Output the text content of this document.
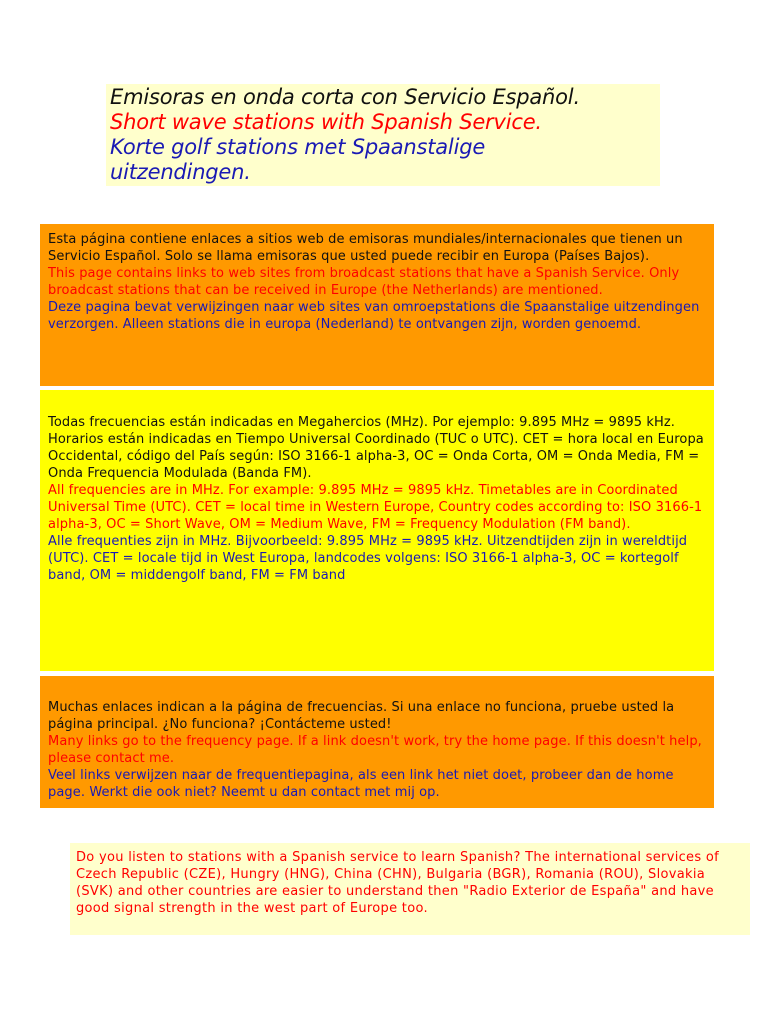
Emisoras en onda corta con Servicio Español.
Short wave stations with Spanish Service.
Korte golf stations met Spaanstalige
uitzendingen.

Esta página contiene enlaces a sitios web de emisoras mundiales/internacionales que tienen un Servicio Español. Solo se llama emisoras que usted puede recibir en Europa (Países Bajos).

This page contains links to web sites from broadcast stations that have a Spanish Service. Only broadcast stations that can be received in Europe (the Netherlands) are mentioned.

Deze pagina bevat verwijzingen naar web sites van omroepstations die Spaanstalige uitzendingen verzorgen. Alleen stations die in europa (Nederland) te ontvangen zijn, worden genoemd.

Todas frecuencias están indicadas en Megahercios (MHz). Por ejemplo: 9.895 MHz = 9895 kHz. Horarios están indicadas en Tiempo Universal Coordinado (TUC o UTC). CET = hora local en Europa Occidental, código del País según: ISO 3166-1 alpha-3, OC = Onda Corta, OM = Onda Media, FM = Onda Frequencia Modulada (Banda FM).

All frequencies are in MHz. For example: 9.895 MHz = 9895 kHz. Timetables are in Coordinated Universal Time (UTC). CET = local time in Western Europe, Country codes according to: ISO 3166-1 alpha-3, OC = Short Wave, OM = Medium Wave, FM = Frequency Modulation (FM band).

Alle frequenties zijn in MHz. Bijvoorbeeld: 9.895 MHz = 9895 kHz. Uitzendtijden zijn in wereldtijd (UTC). CET = locale tijd in West Europa, landcodes volgens: ISO 3166-1 alpha-3, OC = kortegolf band, OM = middengolf band, FM = FM band

Muchas enlaces indican a la página de frecuencias. Si una enlace no funciona, pruebe usted la página principal. ¿No funciona? ¡Contácteme usted!

Many links go to the frequency page. If a link doesn't work, try the home page. If this doesn't help, please contact me.

Veel links verwijzen naar de frequentiepagina, als een link het niet doet, probeer dan de home page. Werkt die ook niet? Neemt u dan contact met mij op.

Do you listen to stations with a Spanish service to learn Spanish? The international services of Czech Republic (CZE), Hungry (HNG), China (CHN), Bulgaria (BGR), Romania (ROU), Slovakia (SVK) and other countries are easier to understand then "Radio Exterior de España" and have good signal strength in the west part of Europe too.
